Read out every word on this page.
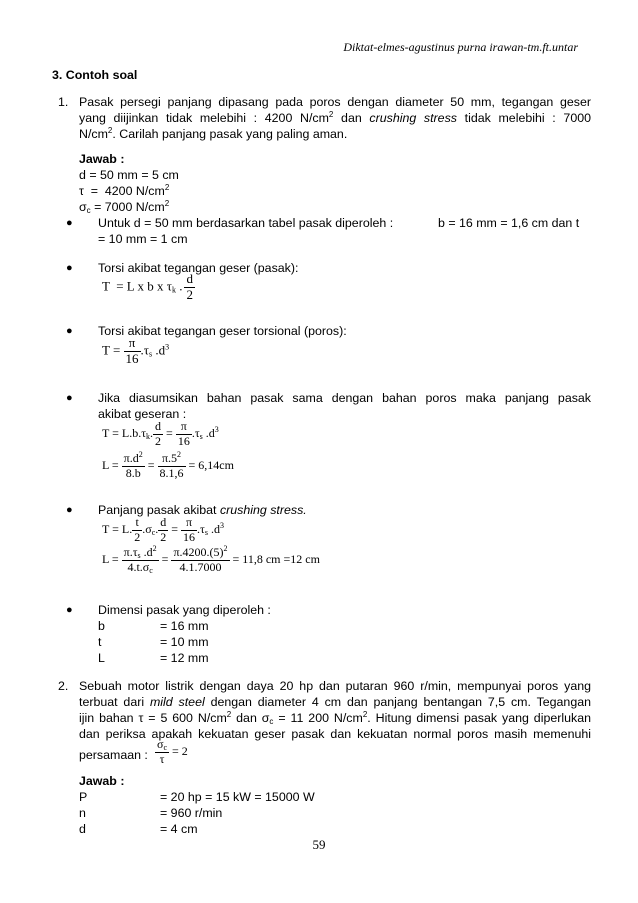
Diktat-elmes-agustinus purna irawan-tm.ft.untar
3. Contoh soal
1. Pasak persegi panjang dipasang pada poros dengan diameter 50 mm, tegangan geser
yang diijinkan tidak melebihi : 4200 $N/cm^2$ dan crushing stress tidak melebihi : 7000
$N/cm^2$. Carilah panjang pasak yang paling aman.
Jawab :
d = 50 mm = 5 cm
τ  =  4200 $N/cm^2$
$\sigma_c = 7000$ $N/cm^2$
● Untuk d = 50 mm berdasarkan tabel pasak diperoleh :	b = 16 mm = 1,6 cm dan t
= 10 mm = 1 cm
● Torsi akibat tegangan geser (pasak):
T  = L x b x $\tau_k$ . $\frac{d}{2}$
● Torsi akibat tegangan geser torsional (poros):
$T = \frac{\pi}{16} .\tau_s$ $.d^3$
● Jika diasumsikan bahan pasak sama dengan bahan poros maka panjang pasak
akibat geseran :
$T = L.b.\tau_k$. $\frac{d}{2} = \frac{\pi}{16} .\tau_s$ $.d^3$
$L = \frac{\pi.d^2}{8.b} = \frac{\pi.5^2}{8.1,6} = 6,14cm$
● Panjang pasak akibat crushing stress.
T = L. $\frac{t}{2} .\sigma_c$. $\frac{d}{2} = \frac{\pi}{16} .\tau_s$ $.d^3$
$L = \frac{\pi.\tau_s .d^2}{4.t.\sigma_c} = \frac{\pi.4200.(5)^2}{4.1.7000} = 11,8$ cm =12 cm
● Dimensi pasak yang diperoleh :
b	= 16 mm
t	= 10 mm
L	= 12 mm
2. Sebuah motor listrik dengan daya 20 hp dan putaran 960 r/min, mempunyai poros yang
terbuat dari mild steel dengan diameter 4 cm dan panjang bentangan 7,5 cm. Tegangan
ijin bahan τ = 5 600 $N/cm^2$ dan $\sigma_c = 11$ 200 $N/cm^2$. Hitung dimensi pasak yang diperlukan
dan periksa apakah kekuatan geser pasak dan kekuatan normal poros masih memenuhi
persamaan : $\frac{\sigma_c}{\tau} = 2$
Jawab :
P	= 20 hp = 15 kW = 15000 W
n	= 960 r/min
d	= 4 cm
59
